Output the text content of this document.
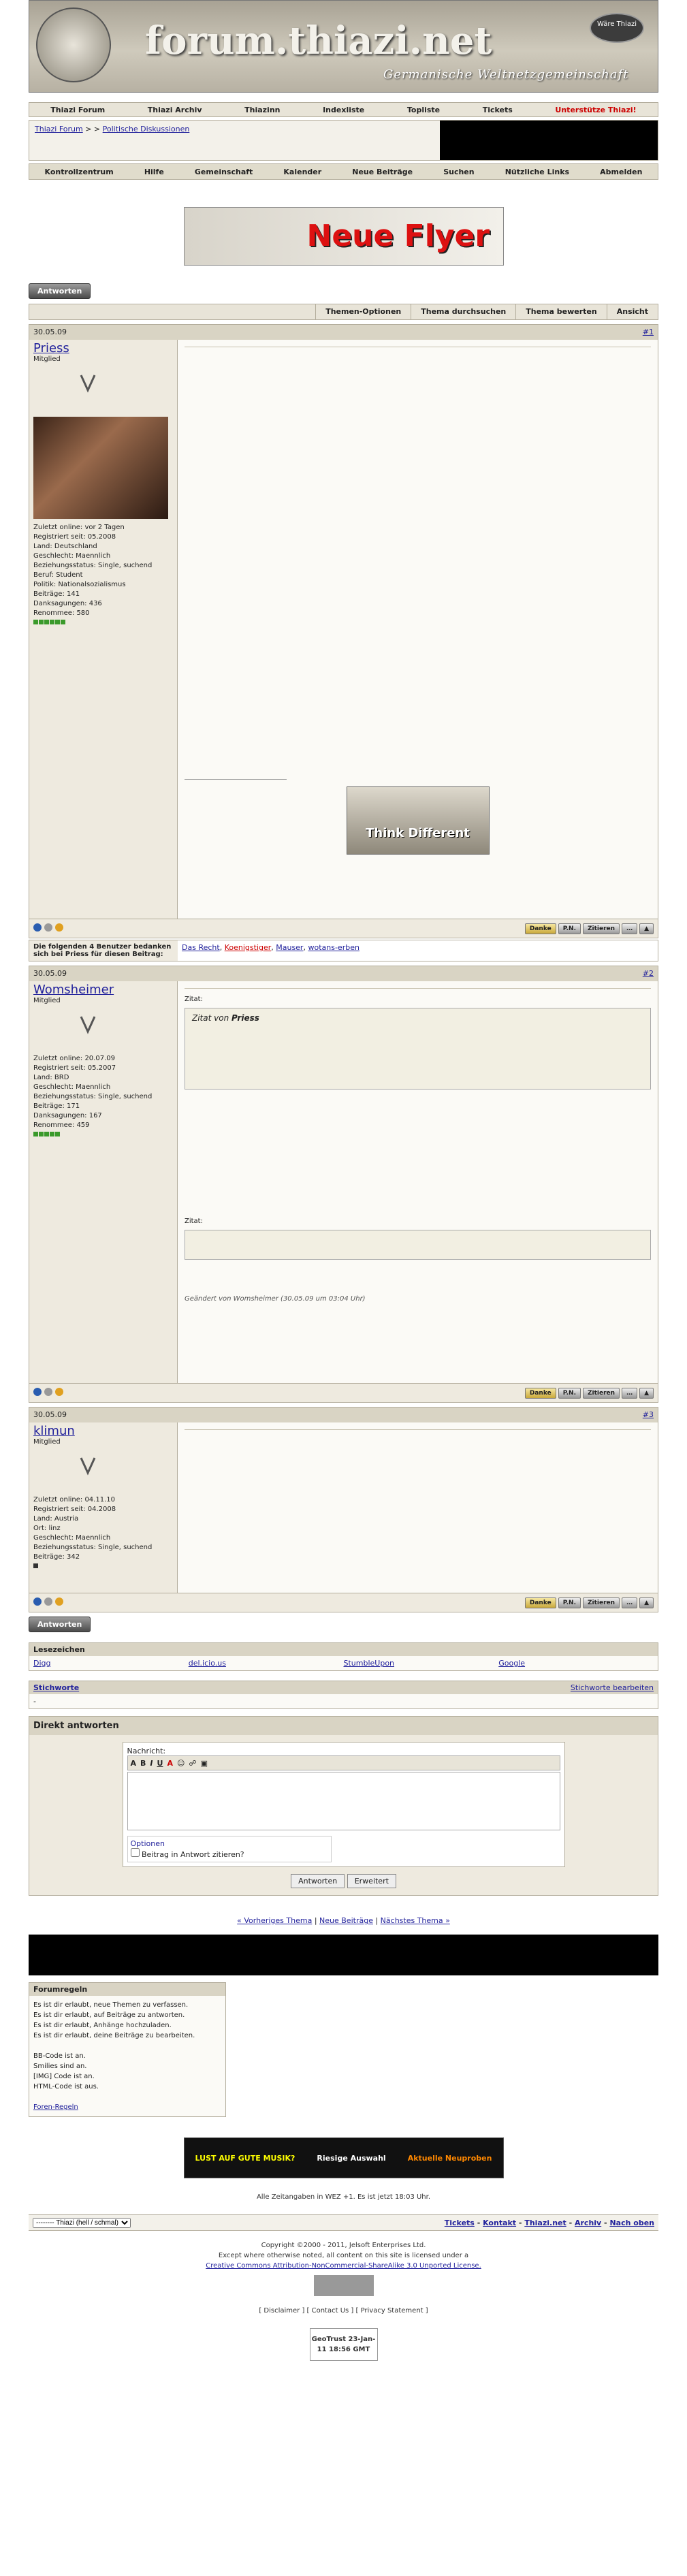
forum.thiazi.net
Germanische Weltnetzgemeinschaft
Wäre Thiazi
Thiazi Forum	Thiazi Archiv	Thiazinn	Indexliste	Topliste	Tickets	Unterstütze Thiazi!
Thiazi Forum > > Politische Diskussionen
Kontrollzentrum	Hilfe	Gemeinschaft	Kalender	Neue Beiträge	Suchen	Nützliche Links	Abmelden
Neue Flyer
Antworten
Themen-Optionen	Thema durchsuchen	Thema bewerten	Ansicht
30.05.09	#1
Priess
Mitglied
Zuletzt online: vor 2 Tagen
Registriert seit: 05.2008
Land: Deutschland
Geschlecht: Maennlich
Beziehungsstatus: Single, suchend
Beruf: Student
Politik: Nationalsozialismus
Beiträge: 141
Danksagungen: 436
Renommee: 580
Think Different
Danke P.N. Zitieren … ▲
Die folgenden 4 Benutzer bedanken sich bei Priess für diesen Beitrag:
Das Recht, Koenigstiger, Mauser, wotans-erben
30.05.09	#2
Womsheimer
Mitglied
Zuletzt online: 20.07.09
Registriert seit: 05.2007
Land: BRD
Geschlecht: Maennlich
Beziehungsstatus: Single, suchend
Beiträge: 171
Danksagungen: 167
Renommee: 459
Zitat:
Zitat von Priess
Zitat:
Geändert von Womsheimer (30.05.09 um 03:04 Uhr)
Danke P.N. Zitieren … ▲
30.05.09	#3
klimun
Mitglied
Zuletzt online: 04.11.10
Registriert seit: 04.2008
Land: Austria
Ort: linz
Geschlecht: Maennlich
Beziehungsstatus: Single, suchend
Beiträge: 342
Danke P.N. Zitieren … ▲
Antworten
Lesezeichen
Digg	del.icio.us	StumbleUpon	Google
Stichworte	Stichworte bearbeiten
-
Direkt antworten
Nachricht:
A B I U A ☺ ☍ ▣
Optionen
Beitrag in Antwort zitieren?
Antworten Erweitert
« Vorheriges Thema | Neue Beiträge | Nächstes Thema »
Forumregeln
Es ist dir erlaubt, neue Themen zu verfassen.
Es ist dir erlaubt, auf Beiträge zu antworten.
Es ist dir erlaubt, Anhänge hochzuladen.
Es ist dir erlaubt, deine Beiträge zu bearbeiten.

BB-Code ist an.
Smilies sind an.
[IMG] Code ist an.
HTML-Code ist aus.

Foren-Regeln
LUST AUF GUTE MUSIK?	Riesige Auswahl	Aktuelle Neuproben
Alle Zeitangaben in WEZ +1. Es ist jetzt 18:03 Uhr.
-------- Thiazi (hell / schmal)
Tickets - Kontakt - Thiazi.net - Archiv - Nach oben
Copyright ©2000 - 2011, Jelsoft Enterprises Ltd.
Except where otherwise noted, all content on this site is licensed under a
Creative Commons Attribution-NonCommercial-ShareAlike 3.0 Unported License.
[ Disclaimer ] [ Contact Us ] [ Privacy Statement ]
GeoTrust 23-Jan-11 18:56 GMT
